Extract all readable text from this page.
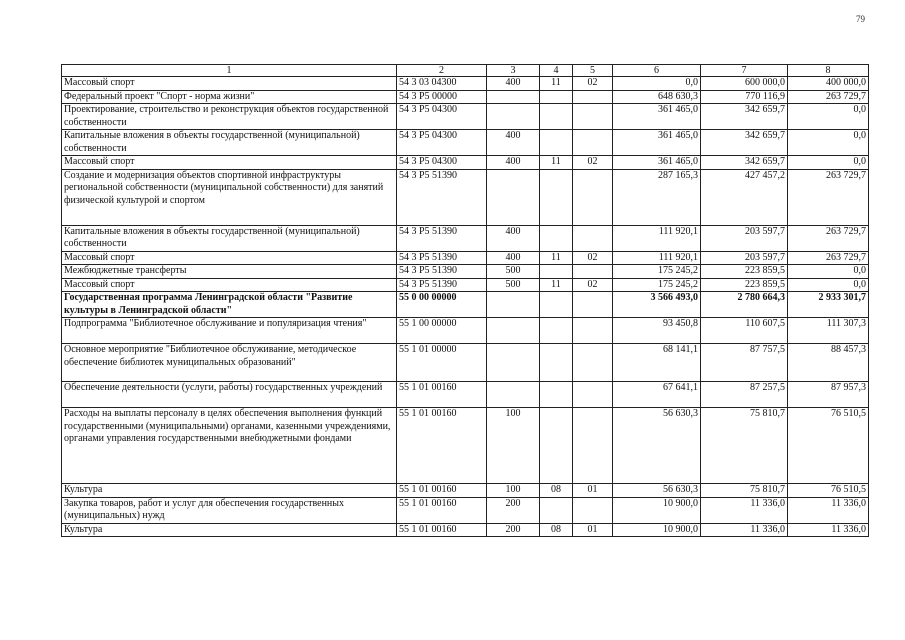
79
1	2	3	4	5	6	7	8
Массовый спорт	54 3 03 04300	400	11	02	0,0	600 000,0	400 000,0
Федеральный проект "Спорт - норма жизни"	54 3 P5 00000				648 630,3	770 116,9	263 729,7
Проектирование, строительство и реконструкция объектов государственной собственности	54 3 P5 04300				361 465,0	342 659,7	0,0
Капитальные вложения в объекты государственной (муниципальной) собственности	54 3 P5 04300	400			361 465,0	342 659,7	0,0
Массовый спорт	54 3 P5 04300	400	11	02	361 465,0	342 659,7	0,0
Создание и модернизация объектов спортивной инфраструктуры региональной собственности (муниципальной собственности) для занятий физической культурой и спортом	54 3 P5 51390				287 165,3	427 457,2	263 729,7
Капитальные вложения в объекты государственной (муниципальной) собственности	54 3 P5 51390	400			111 920,1	203 597,7	263 729,7
Массовый спорт	54 3 P5 51390	400	11	02	111 920,1	203 597,7	263 729,7
Межбюджетные трансферты	54 3 P5 51390	500			175 245,2	223 859,5	0,0
Массовый спорт	54 3 P5 51390	500	11	02	175 245,2	223 859,5	0,0
Государственная программа Ленинградской области "Развитие культуры в Ленинградской области"	55 0 00 00000				3 566 493,0	2 780 664,3	2 933 301,7
Подпрограмма "Библиотечное обслуживание и популяризация чтения"	55 1 00 00000				93 450,8	110 607,5	111 307,3
Основное мероприятие "Библиотечное обслуживание, методическое обеспечение библиотек муниципальных образований"	55 1 01 00000				68 141,1	87 757,5	88 457,3
Обеспечение деятельности (услуги, работы) государственных учреждений	55 1 01 00160				67 641,1	87 257,5	87 957,3
Расходы на выплаты персоналу в целях обеспечения выполнения функций государственными (муниципальными) органами, казенными учреждениями, органами управления государственными внебюджетными фондами	55 1 01 00160	100			56 630,3	75 810,7	76 510,5
Культура	55 1 01 00160	100	08	01	56 630,3	75 810,7	76 510,5
Закупка товаров, работ и услуг для обеспечения государственных (муниципальных) нужд	55 1 01 00160	200			10 900,0	11 336,0	11 336,0
Культура	55 1 01 00160	200	08	01	10 900,0	11 336,0	11 336,0
